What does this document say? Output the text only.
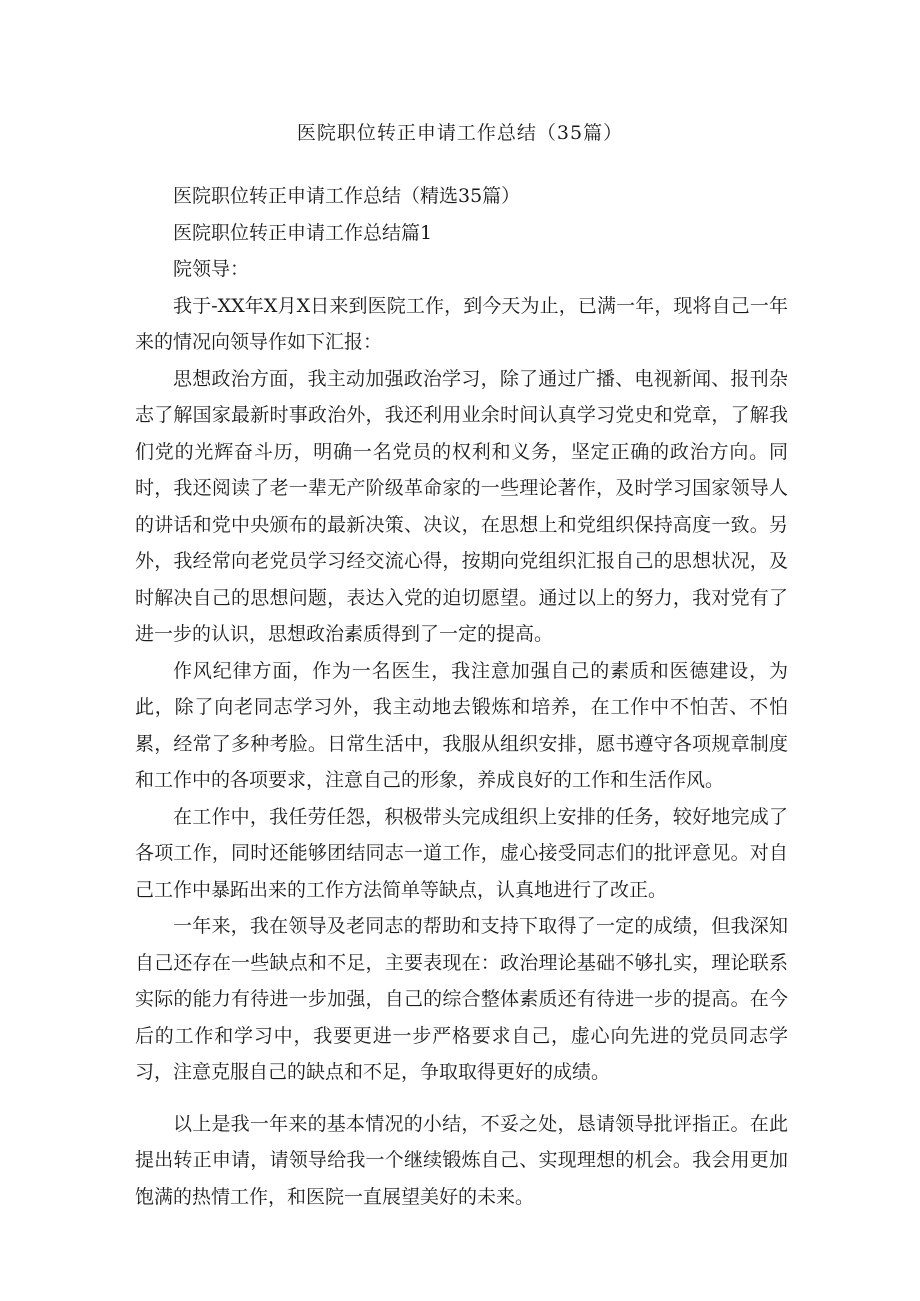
医院职位转正申请工作总结（35篇）

医院职位转正申请工作总结（精选35篇）

医院职位转正申请工作总结篇1

院领导：

我于-XX年X月X日来到医院工作，到今天为止，已满一年，现将自己一年来的情况向领导作如下汇报：

思想政治方面，我主动加强政治学习，除了通过广播、电视新闻、报刊杂志了解国家最新时事政治外，我还利用业余时间认真学习党史和党章，了解我们党的光辉奋斗历，明确一名党员的权利和义务，坚定正确的政治方向。同时，我还阅读了老一辈无产阶级革命家的一些理论著作，及时学习国家领导人的讲话和党中央颁布的最新决策、决议，在思想上和党组织保持高度一致。另外，我经常向老党员学习经交流心得，按期向党组织汇报自己的思想状况，及时解决自己的思想问题，表达入党的迫切愿望。通过以上的努力，我对党有了进一步的认识，思想政治素质得到了一定的提高。

作风纪律方面，作为一名医生，我注意加强自己的素质和医德建设，为此，除了向老同志学习外，我主动地去锻炼和培养，在工作中不怕苦、不怕累，经常了多种考脸。日常生活中，我服从组织安排，愿书遵守各项规章制度和工作中的各项要求，注意自己的形象，养成良好的工作和生活作风。

在工作中，我任劳任怨，积极带头完成组织上安排的任务，较好地完成了各项工作，同时还能够团结同志一道工作，虚心接受同志们的批评意见。对自己工作中暴跖出来的工作方法简单等缺点，认真地进行了改正。

一年来，我在领导及老同志的帮助和支持下取得了一定的成绩，但我深知自己还存在一些缺点和不足，主要表现在：政治理论基础不够扎实，理论联系实际的能力有待进一步加强，自己的综合整体素质还有待进一步的提高。在今后的工作和学习中，我要更进一步严格要求自己，虚心向先进的党员同志学习，注意克服自己的缺点和不足，争取取得更好的成绩。

以上是我一年来的基本情况的小结，不妥之处，恳请领导批评指正。在此提出转正申请，请领导给我一个继续锻炼自己、实现理想的机会。我会用更加饱满的热情工作，和医院一直展望美好的未来。
